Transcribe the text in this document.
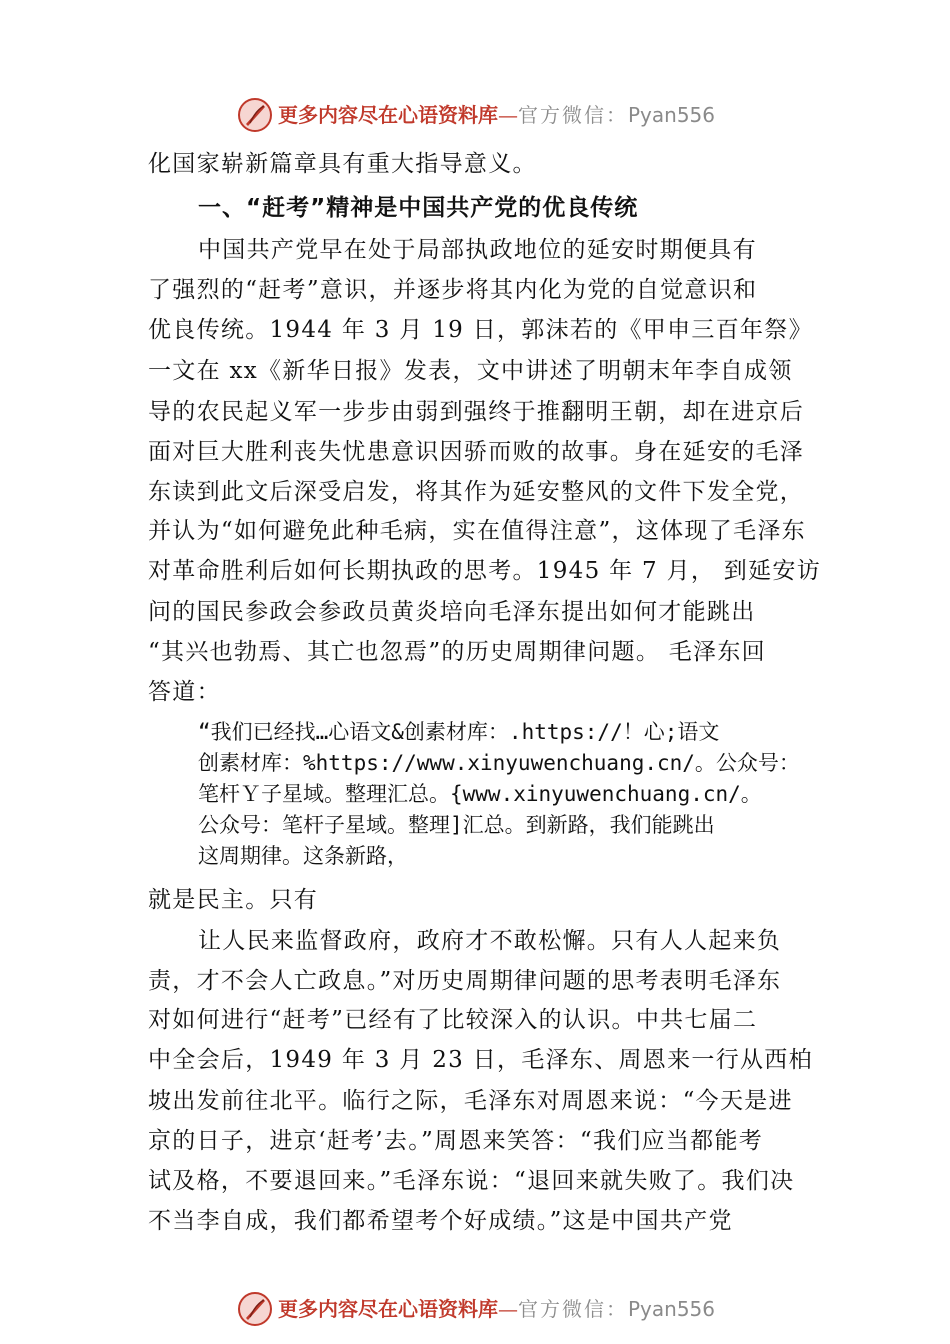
更多内容尽在心语资料库—官方微信：Pyan556
化国家崭新篇章具有重大指导意义。
一、“赶考”精神是中国共产党的优良传统
中国共产党早在处于局部执政地位的延安时期便具有
了强烈的“赶考”意识，并逐步将其内化为党的自觉意识和
优良传统。1944 年 3 月 19 日，郭沫若的《甲申三百年祭》
一文在 xx《新华日报》发表，文中讲述了明朝末年李自成领
导的农民起义军一步步由弱到强终于推翻明王朝，却在进京后
面对巨大胜利丧失忧患意识因骄而败的故事。身在延安的毛泽
东读到此文后深受启发，将其作为延安整风的文件下发全党，
并认为“如何避免此种毛病，实在值得注意”，这体现了毛泽东
对革命胜利后如何长期执政的思考。1945 年 7 月， 到延安访
问的国民参政会参政员黄炎培向毛泽东提出如何才能跳出
“其兴也勃焉、其亡也忽焉”的历史周期律问题。 毛泽东回
答道：
“我们已经找…心语文&创素材库：.https://！心;语文
创素材库：%https://www.xinyuwenchuang.cn/。公众号：
笔杆Ｙ子星域。整理汇总。{www.xinyuwenchuang.cn/。
公众号：笔杆子星域。整理]汇总。到新路，我们能跳出
这周期律。这条新路，
就是民主。只有
让人民来监督政府，政府才不敢松懈。只有人人起来负
责，才不会人亡政息。”对历史周期律问题的思考表明毛泽东
对如何进行“赶考”已经有了比较深入的认识。中共七届二
中全会后，1949 年 3 月 23 日，毛泽东、周恩来一行从西柏
坡出发前往北平。临行之际，毛泽东对周恩来说：“今天是进
京的日子，进京‘赶考’去。”周恩来笑答：“我们应当都能考
试及格，不要退回来。”毛泽东说：“退回来就失败了。我们决
不当李自成，我们都希望考个好成绩。”这是中国共产党
更多内容尽在心语资料库—官方微信：Pyan556
